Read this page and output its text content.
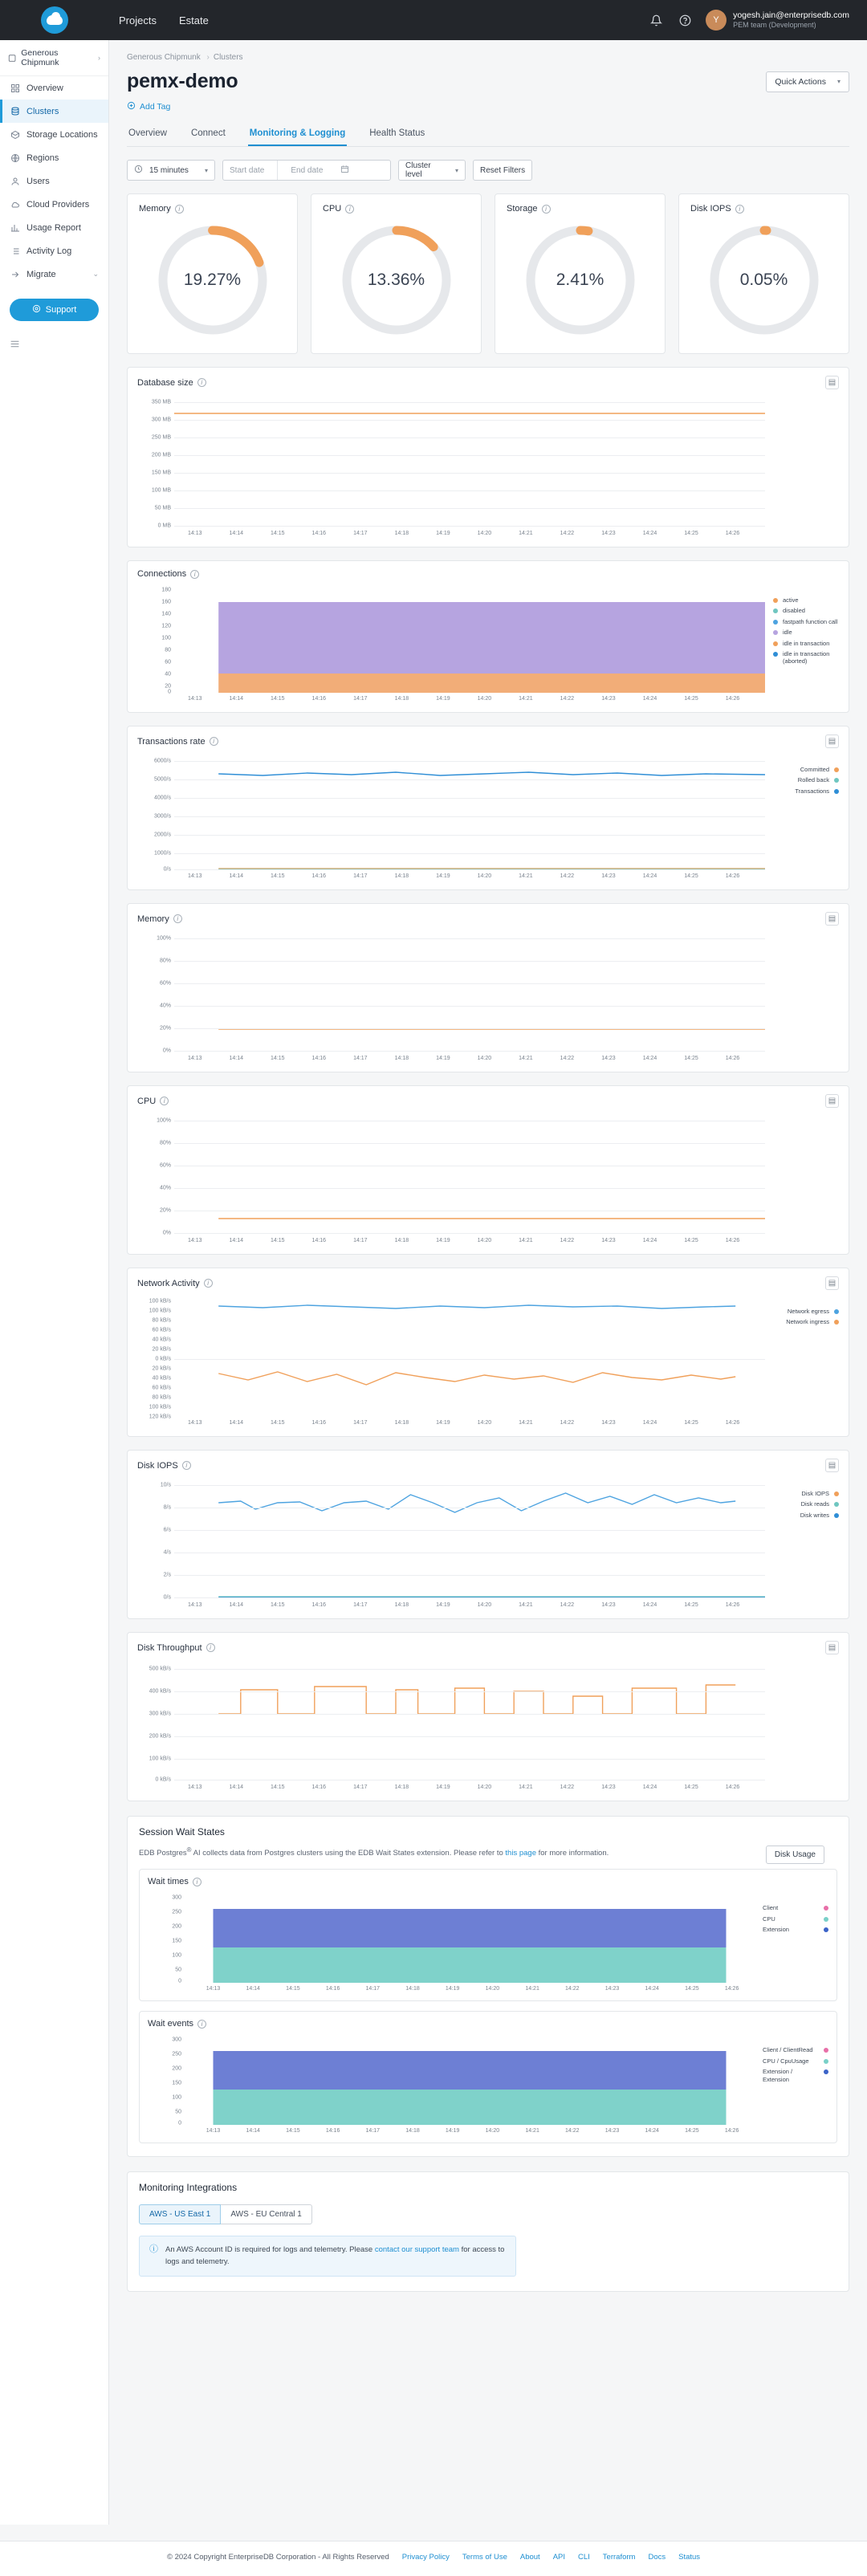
Projects Estate	Y
yogesh.jain@enterprisedb.com
PEM team (Development)
Generous Chipmunk	›
Overview
Clusters
Storage Locations
Regions
Users
Cloud Providers
Usage Report
Activity Log
Migrate	⌄
Support
Generous Chipmunk › Clusters
pemx-demo	Quick Actions ▾
Add Tag
Overview	Connect	Monitoring & Logging	Health Status
15 minutes	▾	Start date	End date	Cluster level	▾	Reset Filters
Memory	i
19.27%
CPU	i
13.36%
Storage	i
2.41%
Disk IOPS	i
0.05%
Database size	i	▤
350 MB
300 MB
250 MB
200 MB
150 MB
100 MB
50 MB
0 MB
14:13	14:14	14:15	14:16	14:17	14:18	14:19	14:20	14:21	14:22	14:23	14:24	14:25	14:26
Connections	i
180
160
140
120
100
80
60
40
20
0
14:13	14:14	14:15	14:16	14:17	14:18	14:19	14:20	14:21	14:22	14:23	14:24	14:25	14:26
active
disabled
fastpath function call
idle
idle in transaction
idle in transaction (aborted)
Transactions rate	i	▤
6000/s
5000/s
4000/s
3000/s
2000/s
1000/s
0/s
14:13	14:14	14:15	14:16	14:17	14:18	14:19	14:20	14:21	14:22	14:23	14:24	14:25	14:26
Committed
Rolled back
Transactions
Memory	i	▤
100%
80%
60%
40%
20%
0%
14:13	14:14	14:15	14:16	14:17	14:18	14:19	14:20	14:21	14:22	14:23	14:24	14:25	14:26
CPU	i	▤
100%
80%
60%
40%
20%
0%
14:13	14:14	14:15	14:16	14:17	14:18	14:19	14:20	14:21	14:22	14:23	14:24	14:25	14:26
Network Activity	i	▤
100 kB/s
100 kB/s
80 kB/s
60 kB/s
40 kB/s
20 kB/s
0 kB/s
20 kB/s
40 kB/s
60 kB/s
80 kB/s
100 kB/s
120 kB/s
14:13	14:14	14:15	14:16	14:17	14:18	14:19	14:20	14:21	14:22	14:23	14:24	14:25	14:26
Network egress
Network ingress
Disk IOPS	i	▤
10/s
8/s
6/s
4/s
2/s
0/s
14:13	14:14	14:15	14:16	14:17	14:18	14:19	14:20	14:21	14:22	14:23	14:24	14:25	14:26
Disk IOPS
Disk reads
Disk writes
Disk Throughput	i	▤
500 kB/s
400 kB/s
300 kB/s
200 kB/s
100 kB/s
0 kB/s
14:13	14:14	14:15	14:16	14:17	14:18	14:19	14:20	14:21	14:22	14:23	14:24	14:25	14:26
Session Wait States
EDB Postgres® AI collects data from Postgres clusters using the EDB Wait States extension. Please refer to this page for more information.	Disk Usage
Wait times	i
300
250
200
150
100
50
0
14:13	14:14	14:15	14:16	14:17	14:18	14:19	14:20	14:21	14:22	14:23	14:24	14:25	14:26
Client
CPU
Extension
Wait events	i
300
250
200
150
100
50
0
14:13	14:14	14:15	14:16	14:17	14:18	14:19	14:20	14:21	14:22	14:23	14:24	14:25	14:26
Client / ClientRead
CPU / CpuUsage
Extension / Extension
Monitoring Integrations
AWS - US East 1	AWS - EU Central 1
ⓘ An AWS Account ID is required for logs and telemetry. Please contact our support team for access to logs and telemetry.
© 2024 Copyright EnterpriseDB Corporation - All Rights Reserved Privacy Policy Terms of Use About API CLI Terraform Docs Status
